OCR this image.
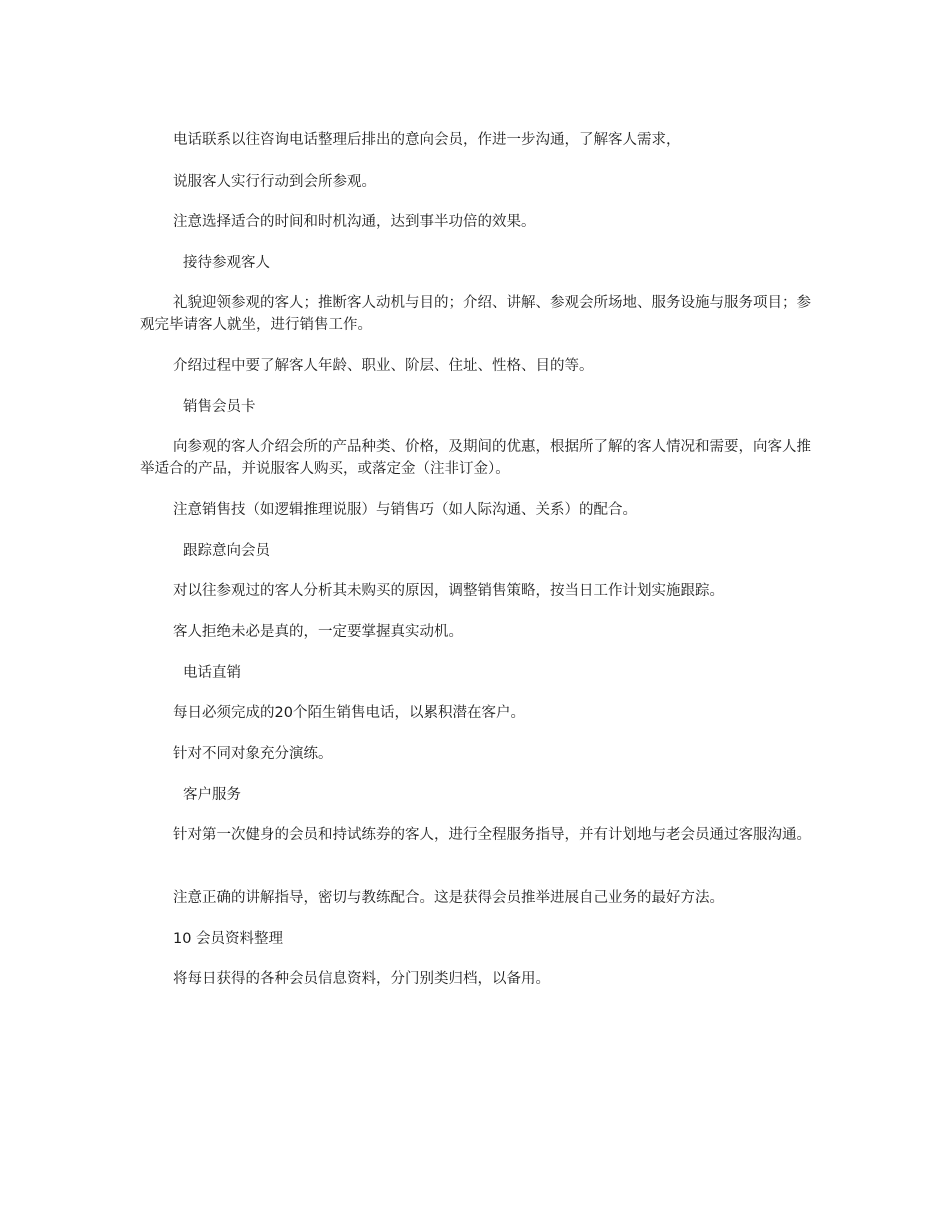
电话联系以往咨询电话整理后排出的意向会员，作进一步沟通，了解客人需求，

说服客人实行行动到会所参观。

注意选择适合的时间和时机沟通，达到事半功倍的效果。

接待参观客人

礼貌迎领参观的客人；推断客人动机与目的；介绍、讲解、参观会所场地、服务设施与服务项目；参观完毕请客人就坐，进行销售工作。

介绍过程中要了解客人年龄、职业、阶层、住址、性格、目的等。

销售会员卡

向参观的客人介绍会所的产品种类、价格，及期间的优惠，根据所了解的客人情况和需要，向客人推举适合的产品，并说服客人购买，或落定金（注非订金）。

注意销售技（如逻辑推理说服）与销售巧（如人际沟通、关系）的配合。

跟踪意向会员

对以往参观过的客人分析其未购买的原因，调整销售策略，按当日工作计划实施跟踪。

客人拒绝未必是真的，一定要掌握真实动机。

电话直销

每日必须完成的20个陌生销售电话，以累积潜在客户。

针对不同对象充分演练。

客户服务

针对第一次健身的会员和持试练券的客人，进行全程服务指导，并有计划地与老会员通过客服沟通。

注意正确的讲解指导，密切与教练配合。这是获得会员推举进展自己业务的最好方法。

10 会员资料整理

将每日获得的各种会员信息资料，分门别类归档，以备用。
